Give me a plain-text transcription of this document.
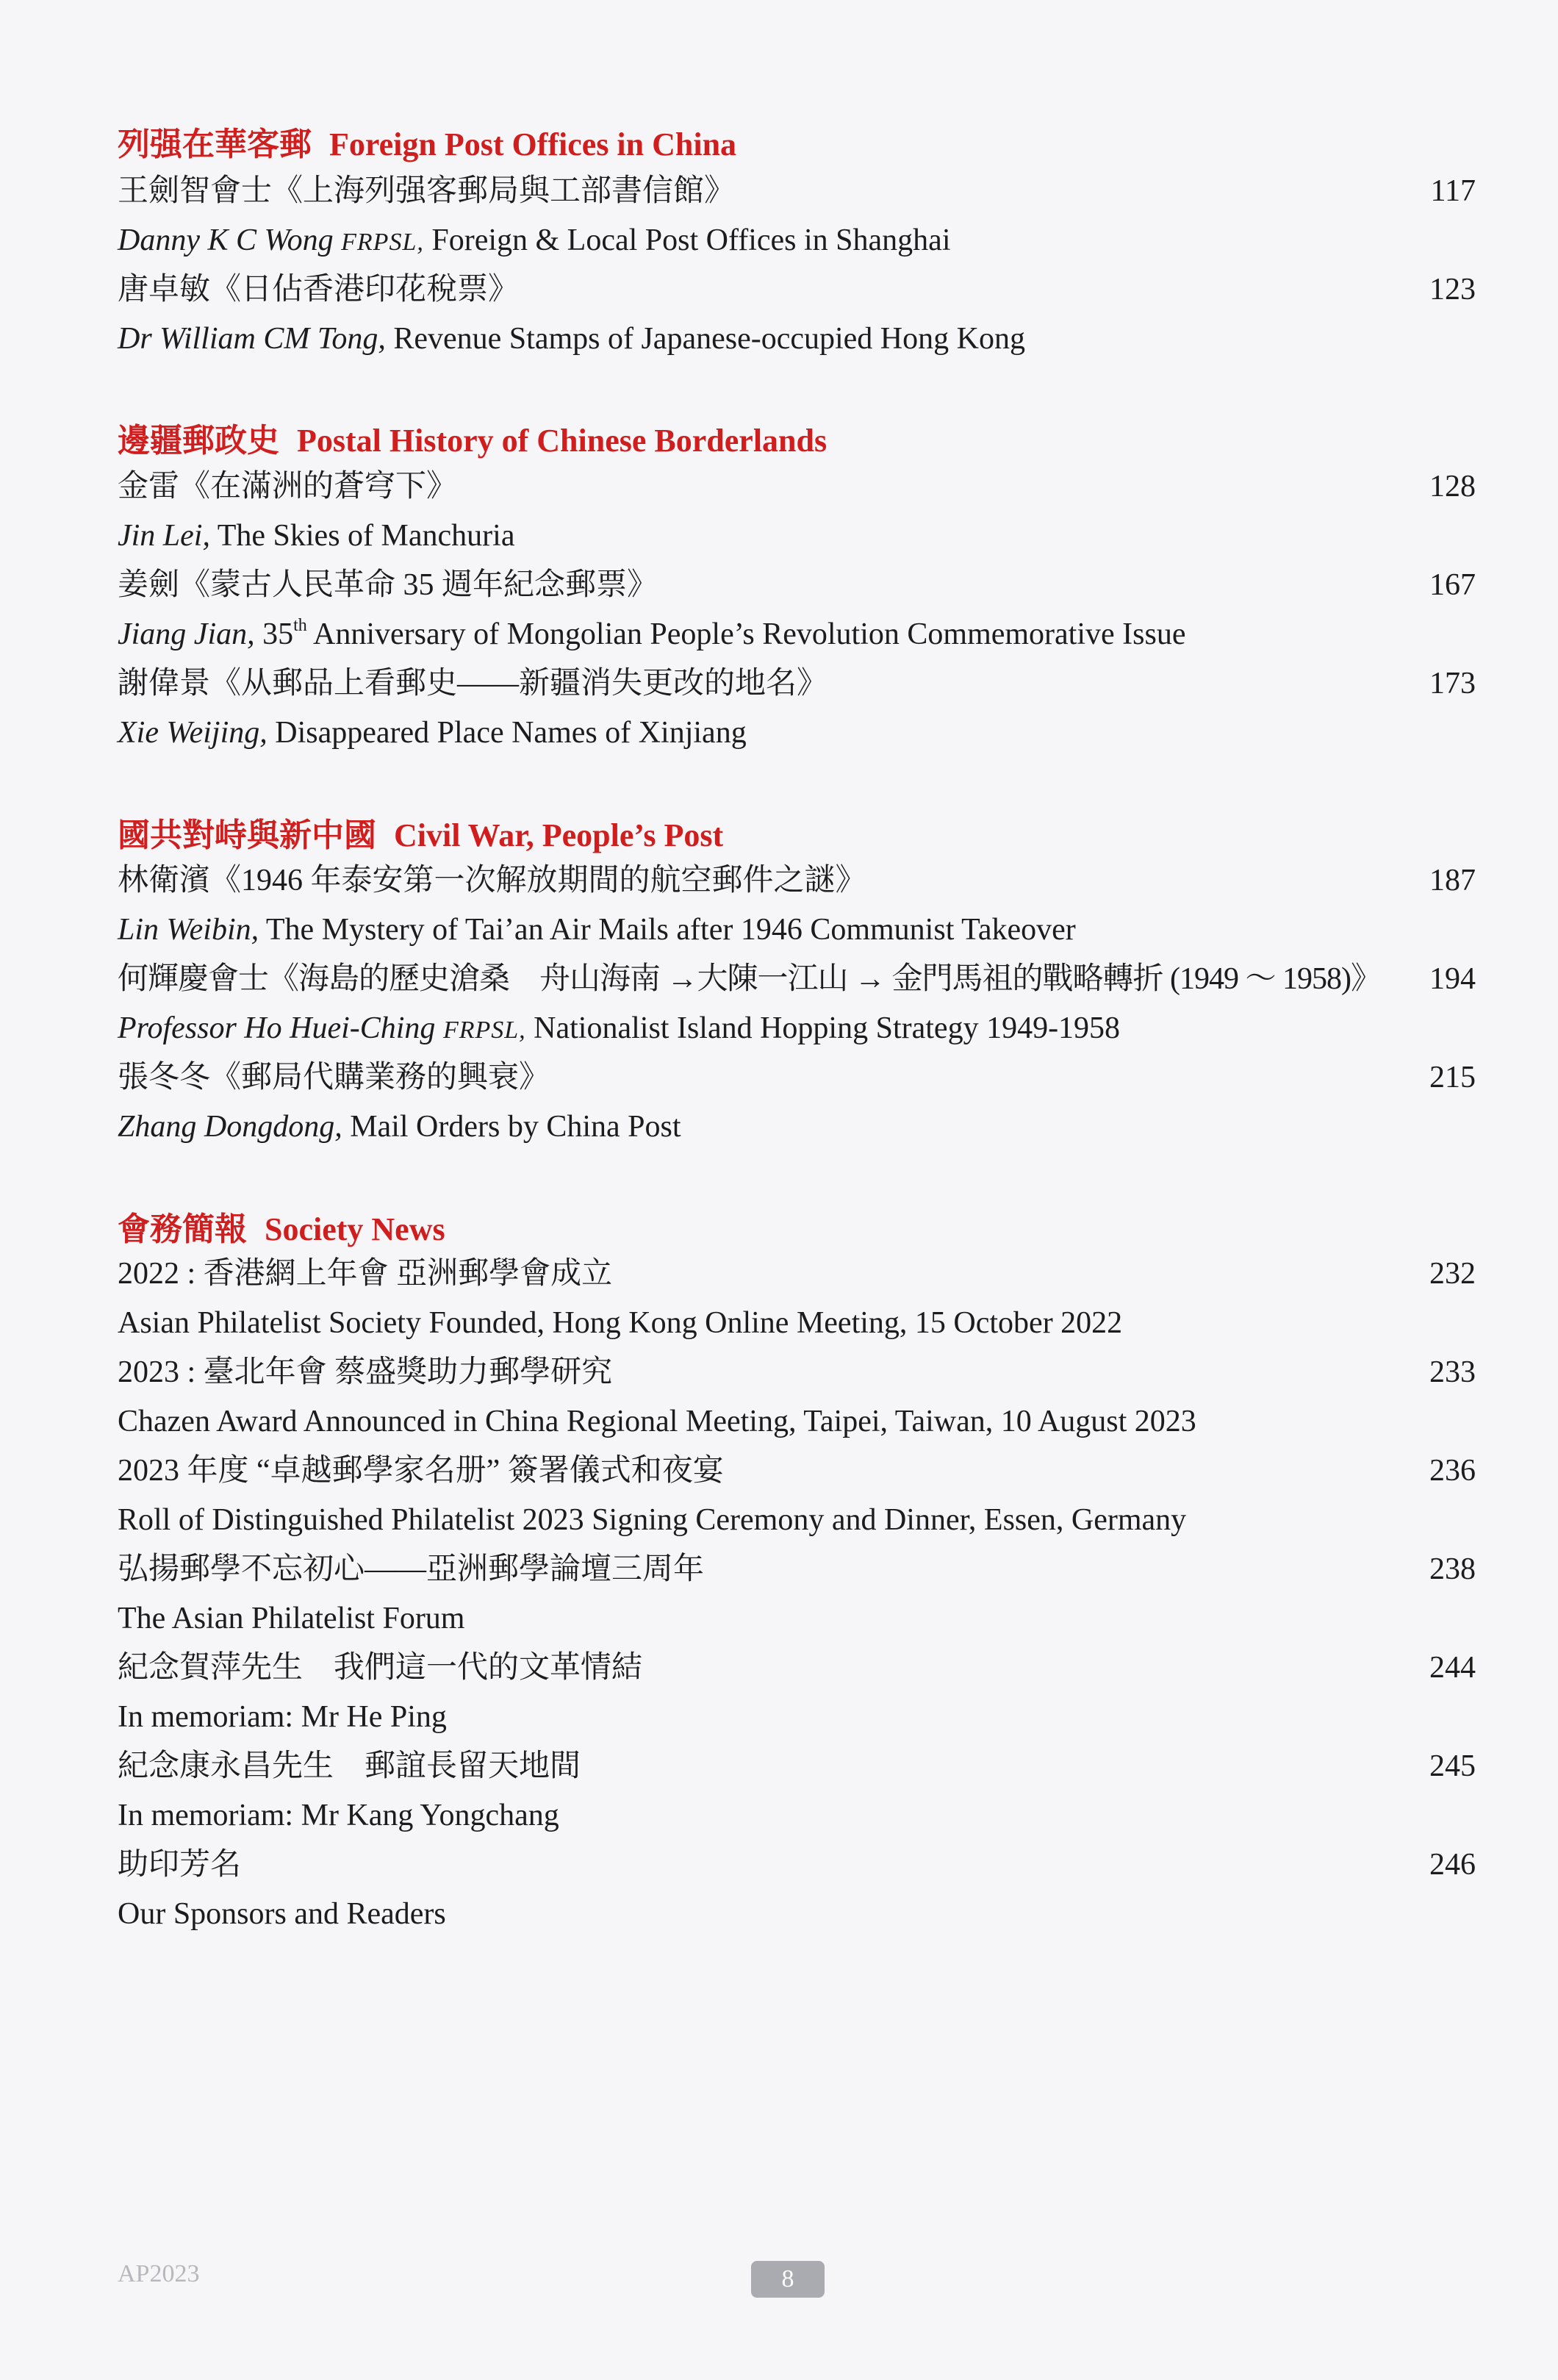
列强在華客郵 Foreign Post Offices in China
王劍智會士《上海列强客郵局與工部書信館》	117
Danny K C Wong FRPSL, Foreign & Local Post Offices in Shanghai
唐卓敏《日佔香港印花稅票》	123
Dr William CM Tong, Revenue Stamps of Japanese-occupied Hong Kong
邊疆郵政史 Postal History of Chinese Borderlands
金雷《在滿洲的蒼穹下》	128
Jin Lei, The Skies of Manchuria
姜劍《蒙古人民革命 35 週年紀念郵票》	167
Jiang Jian, 35th Anniversary of Mongolian People’s Revolution Commemorative Issue
謝偉景《从郵品上看郵史——新疆消失更改的地名》	173
Xie Weijing, Disappeared Place Names of Xinjiang
國共對峙與新中國 Civil War, People’s Post
林衛濱《1946 年泰安第一次解放期間的航空郵件之謎》	187
Lin Weibin, The Mystery of Tai’an Air Mails after 1946 Communist Takeover
何輝慶會士《海島的歷史滄桑　舟山海南 →大陳一江山 → 金門馬祖的戰略轉折 (1949 ～ 1958)》 194
Professor Ho Huei-Ching FRPSL, Nationalist Island Hopping Strategy 1949-1958
張冬冬《郵局代購業務的興衰》	215
Zhang Dongdong, Mail Orders by China Post
會務簡報 Society News
2022 : 香港網上年會 亞洲郵學會成立	232
Asian Philatelist Society Founded, Hong Kong Online Meeting, 15 October 2022
2023 : 臺北年會 蔡盛獎助力郵學研究	233
Chazen Award Announced in China Regional Meeting, Taipei, Taiwan, 10 August 2023
2023 年度 “卓越郵學家名册” 簽署儀式和夜宴	236
Roll of Distinguished Philatelist 2023 Signing Ceremony and Dinner, Essen, Germany
弘揚郵學不忘初心——亞洲郵學論壇三周年	238
The Asian Philatelist Forum
紀念賀萍先生　我們這一代的文革情結	244
In memoriam: Mr He Ping
紀念康永昌先生　郵誼長留天地間	245
In memoriam: Mr Kang Yongchang
助印芳名	246
Our Sponsors and Readers
AP2023	8
